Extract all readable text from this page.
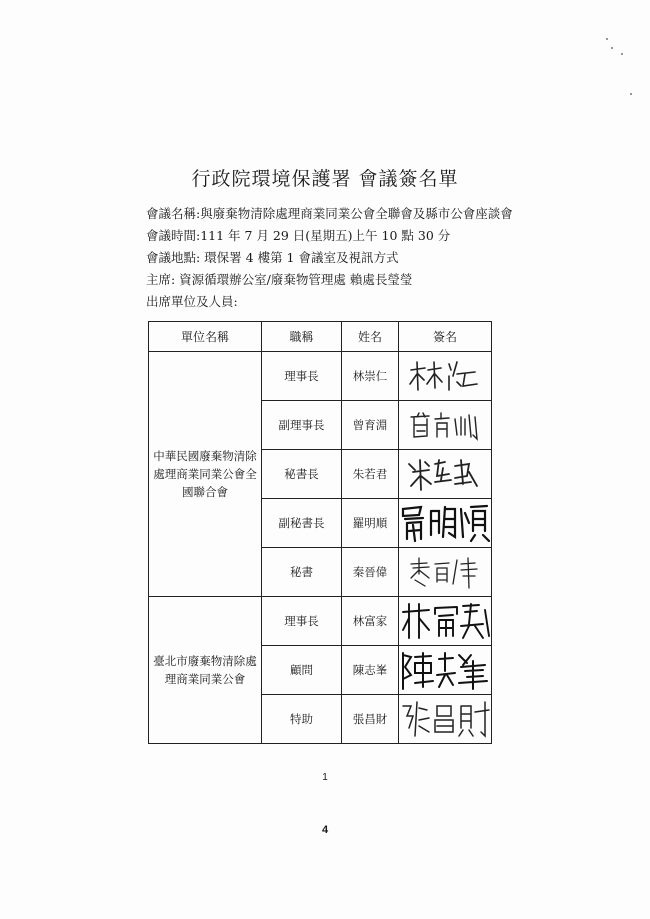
行政院環境保護署 會議簽名單
會議名稱:與廢棄物清除處理商業同業公會全聯會及縣市公會座談會
會議時間:111 年 7 月 29 日(星期五)上午 10 點 30 分
會議地點: 環保署 4 樓第 1 會議室及視訊方式
主席: 資源循環辦公室/廢棄物管理處 賴處長瑩瑩
出席單位及人員:
單位名稱	職稱	姓名	簽名
中華民國廢棄物清除處理商業同業公會全國聯合會	理事長	林崇仁	

	副理事長	曾育淵	

	秘書長	朱若君	

	副秘書長	羅明順	

	秘書	秦晉偉	

臺北市廢棄物清除處理商業同業公會	理事長	林富家	

	顧問	陳志峯	

	特助	張昌財	
1
4
